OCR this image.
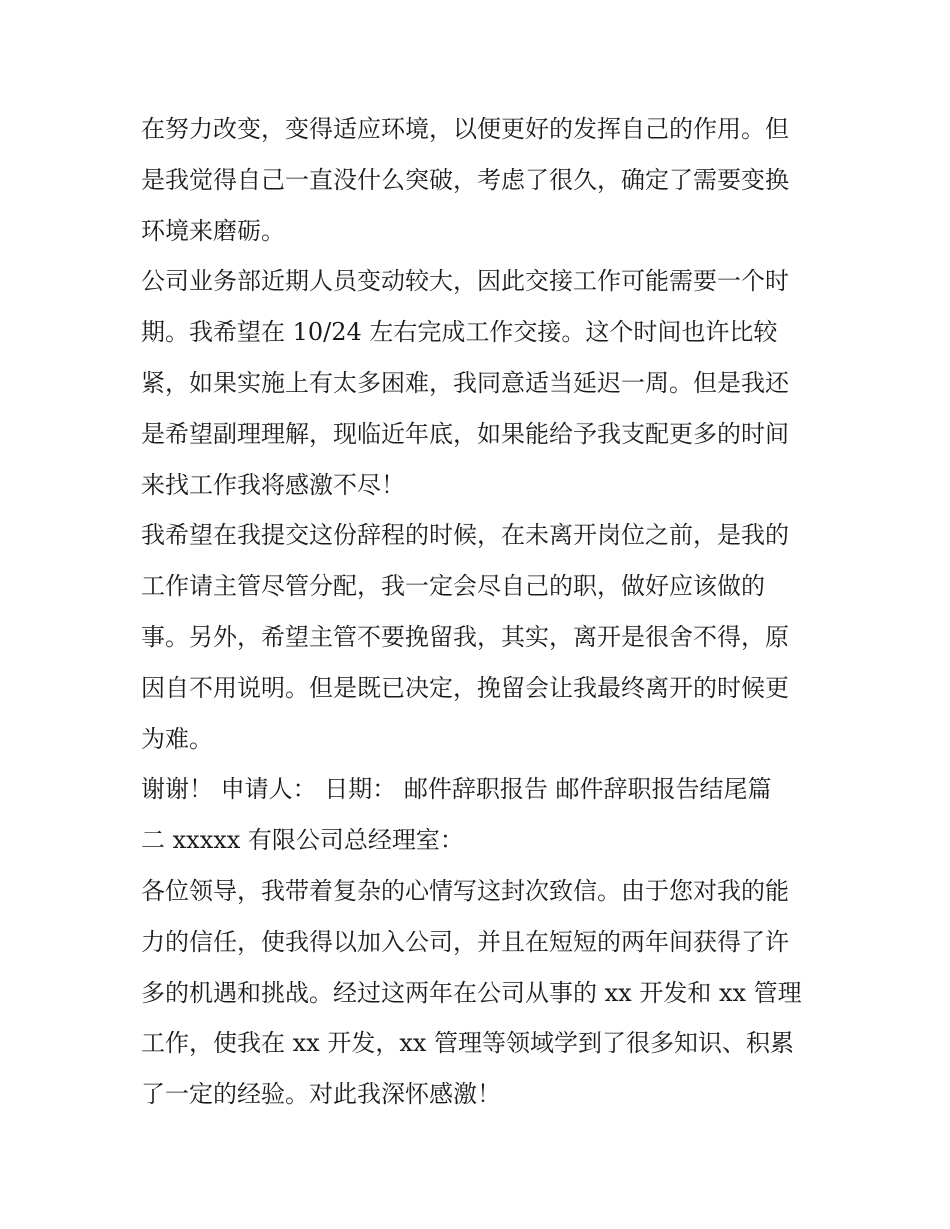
在努力改变，变得适应环境，以便更好的发挥自己的作用。但
是我觉得自己一直没什么突破，考虑了很久，确定了需要变换
环境来磨砺。
公司业务部近期人员变动较大，因此交接工作可能需要一个时
期。我希望在 10/24 左右完成工作交接。这个时间也许比较
紧，如果实施上有太多困难，我同意适当延迟一周。但是我还
是希望副理理解，现临近年底，如果能给予我支配更多的时间
来找工作我将感激不尽！
我希望在我提交这份辞程的时候，在未离开岗位之前，是我的
工作请主管尽管分配，我一定会尽自己的职，做好应该做的
事。另外，希望主管不要挽留我，其实，离开是很舍不得，原
因自不用说明。但是既已决定，挽留会让我最终离开的时候更
为难。
谢谢！ 申请人： 日期： 邮件辞职报告 邮件辞职报告结尾篇
二 xxxxx 有限公司总经理室：
各位领导，我带着复杂的心情写这封次致信。由于您对我的能
力的信任，使我得以加入公司，并且在短短的两年间获得了许
多的机遇和挑战。经过这两年在公司从事的 xx 开发和 xx 管理
工作，使我在 xx 开发，xx 管理等领域学到了很多知识、积累
了一定的经验。对此我深怀感激！
